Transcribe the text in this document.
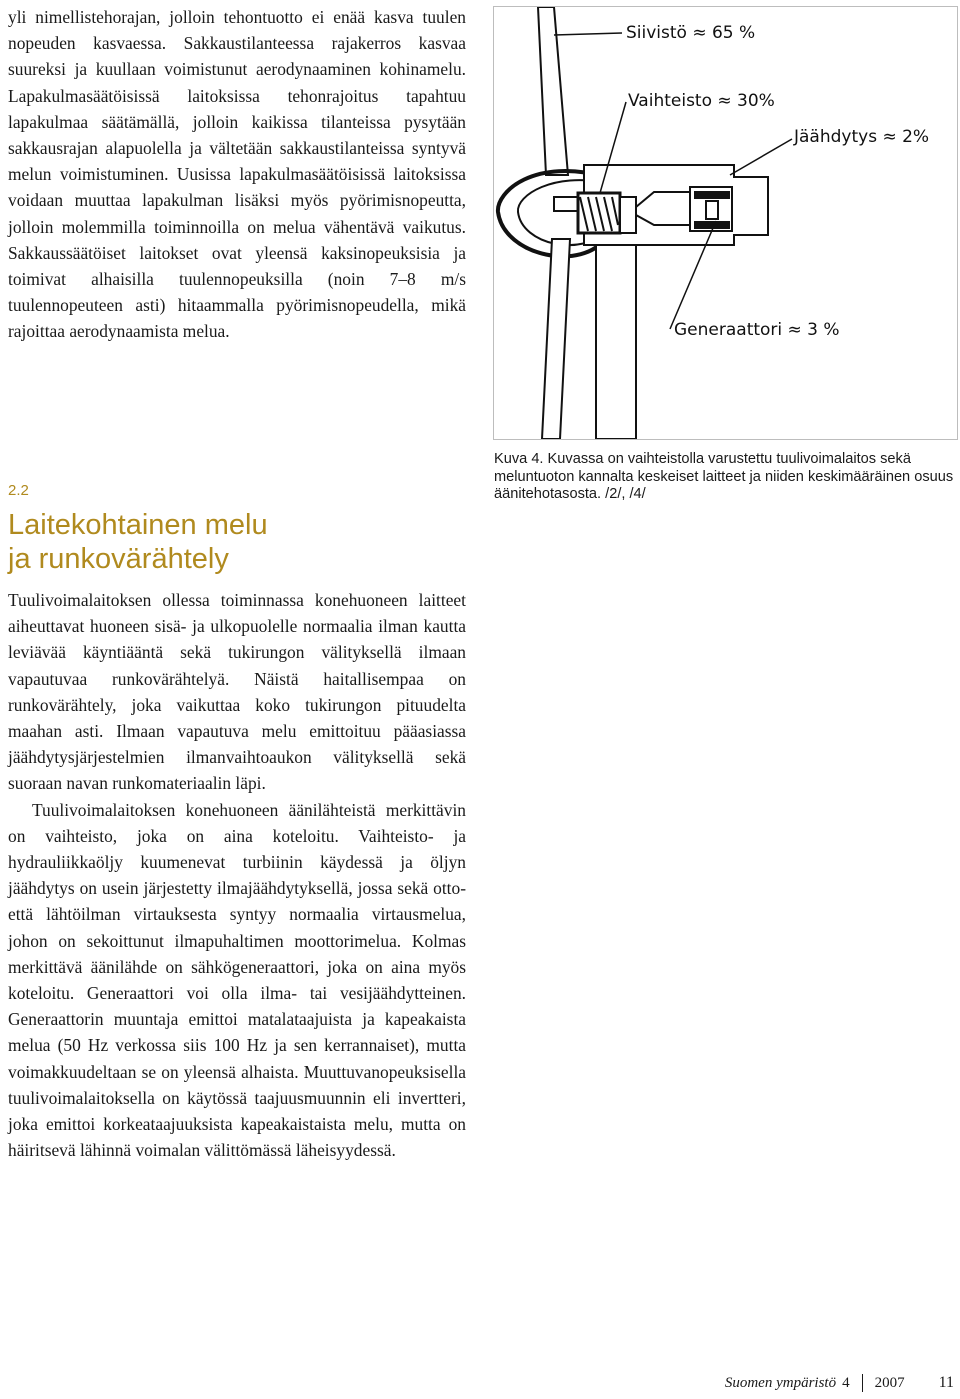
yli nimellistehorajan, jolloin tehontuotto ei enää kasva tuulen nopeuden kasvaessa. Sakkaustilanteessa rajakerros kasvaa suureksi ja kuullaan voimistunut aerodynaaminen kohinamelu. Lapakulmasäätöisissä laitoksissa tehonrajoitus tapahtuu lapakulmaa säätämällä, jolloin kaikissa tilanteissa pysytään sakkausrajan alapuolella ja vältetään sakkaustilanteissa syntyvä melun voimistuminen. Uusissa lapakulmasäätöisissä laitoksissa voidaan muuttaa lapakulman lisäksi myös pyörimisnopeutta, jolloin molemmilla toiminnoilla on melua vähentävä vaikutus. Sakkaussäätöiset laitokset ovat yleensä kaksinopeuksisia ja toimivat alhaisilla tuulennopeuksilla (noin 7–8 m/s tuulennopeuteen asti) hitaammalla pyörimisnopeudella, mikä rajoittaa aerodynaamista melua.

2.2
Laitekohtainen melu
ja runkovärähtely

Tuulivoimalaitoksen ollessa toiminnassa konehuoneen laitteet aiheuttavat huoneen sisä- ja ulkopuolelle normaalia ilman kautta leviävää käyntiääntä sekä tukirungon välityksellä ilmaan vapautuvaa runkovärähtelyä. Näistä haitallisempaa on runkovärähtely, joka vaikuttaa koko tukirungon pituudelta maahan asti. Ilmaan vapautuva melu emittoituu pääasiassa jäähdytysjärjestelmien ilmanvaihtoaukon välityksellä sekä suoraan navan runkomateriaalin läpi.

Tuulivoimalaitoksen konehuoneen äänilähteistä merkittävin on vaihteisto, joka on aina koteloitu. Vaihteisto- ja hydrauliikkaöljy kuumenevat turbiinin käydessä ja öljyn jäähdytys on usein järjestetty ilmajäähdytyksellä, jossa sekä otto- että lähtöilman virtauksesta syntyy normaalia virtausmelua, johon on sekoittunut ilmapuhaltimen moottorimelua. Kolmas merkittävä äänilähde on sähkögeneraattori, joka on aina myös koteloitu. Generaattori voi olla ilma- tai vesijäähdytteinen. Generaattorin muuntaja emittoi matalataajuista ja kapeakaista melua (50 Hz verkossa siis 100 Hz ja sen kerrannaiset), mutta voimakkuudeltaan se on yleensä alhaista. Muuttuvanopeuksisella tuulivoimalaitoksella on käytössä taajuusmuunnin eli invertteri, joka emittoi korkeataajuuksista kapeakaistaista melu, mutta on häiritsevä lähinnä voimalan välittömässä läheisyydessä.

Siivistö ≈ 65 %
Vaihteisto ≈ 30%
Jäähdytys ≈ 2%
Generaattori ≈ 3 %

Kuva 4. Kuvassa on vaihteistolla varustettu tuulivoimalaitos sekä meluntuoton kannalta keskeiset laitteet ja niiden keskimääräinen osuus äänitehotasosta. /2/, /4/

Suomen ympäristö 4 2007 11
